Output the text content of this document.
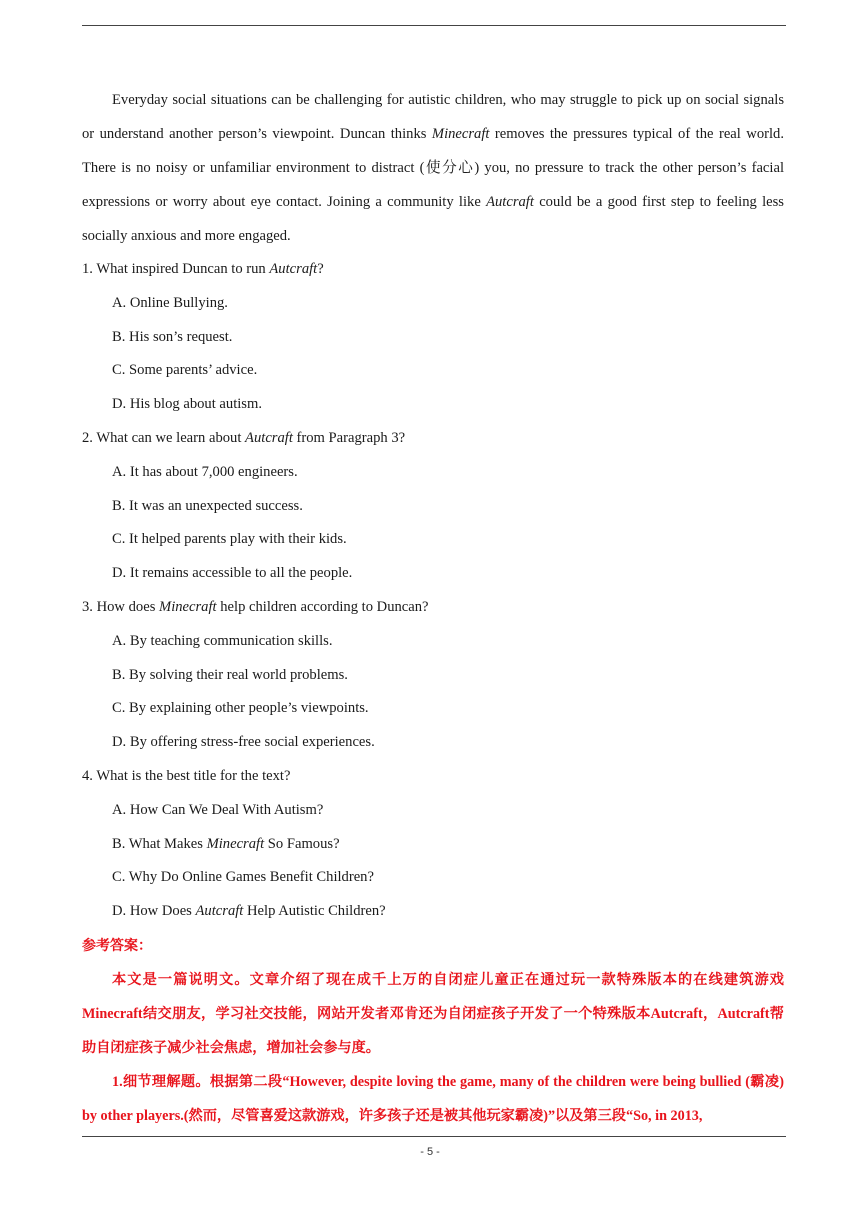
Everyday social situations can be challenging for autistic children, who may struggle to pick up on social signals or understand another person’s viewpoint. Duncan thinks Minecraft removes the pressures typical of the real world. There is no noisy or unfamiliar environment to distract (使分心) you, no pressure to track the other person’s facial expressions or worry about eye contact. Joining a community like Autcraft could be a good first step to feeling less socially anxious and more engaged.

1. What inspired Duncan to run Autcraft?

A. Online Bullying.

B. His son’s request.

C. Some parents’ advice.

D. His blog about autism.

2. What can we learn about Autcraft from Paragraph 3?

A. It has about 7,000 engineers.

B. It was an unexpected success.

C. It helped parents play with their kids.

D. It remains accessible to all the people.

3. How does Minecraft help children according to Duncan?

A. By teaching communication skills.

B. By solving their real world problems.

C. By explaining other people’s viewpoints.

D. By offering stress-free social experiences.

4. What is the best title for the text?

A. How Can We Deal With Autism?

B. What Makes Minecraft So Famous?

C. Why Do Online Games Benefit Children?

D. How Does Autcraft Help Autistic Children?

参考答案：

本文是一篇说明文。文章介绍了现在成千上万的自闭症儿童正在通过玩一款特殊版本的在线建筑游戏Minecraft结交朋友，学习社交技能，网站开发者邓肯还为自闭症孩子开发了一个特殊版本Autcraft，Autcraft帮助自闭症孩子减少社会焦虑，增加社会参与度。

1.细节理解题。根据第二段“However, despite loving the game, many of the children were being bullied (霸凌) by other players.(然而，尽管喜爱这款游戏，许多孩子还是被其他玩家霸凌)”以及第三段“So, in 2013,

- 5 -
